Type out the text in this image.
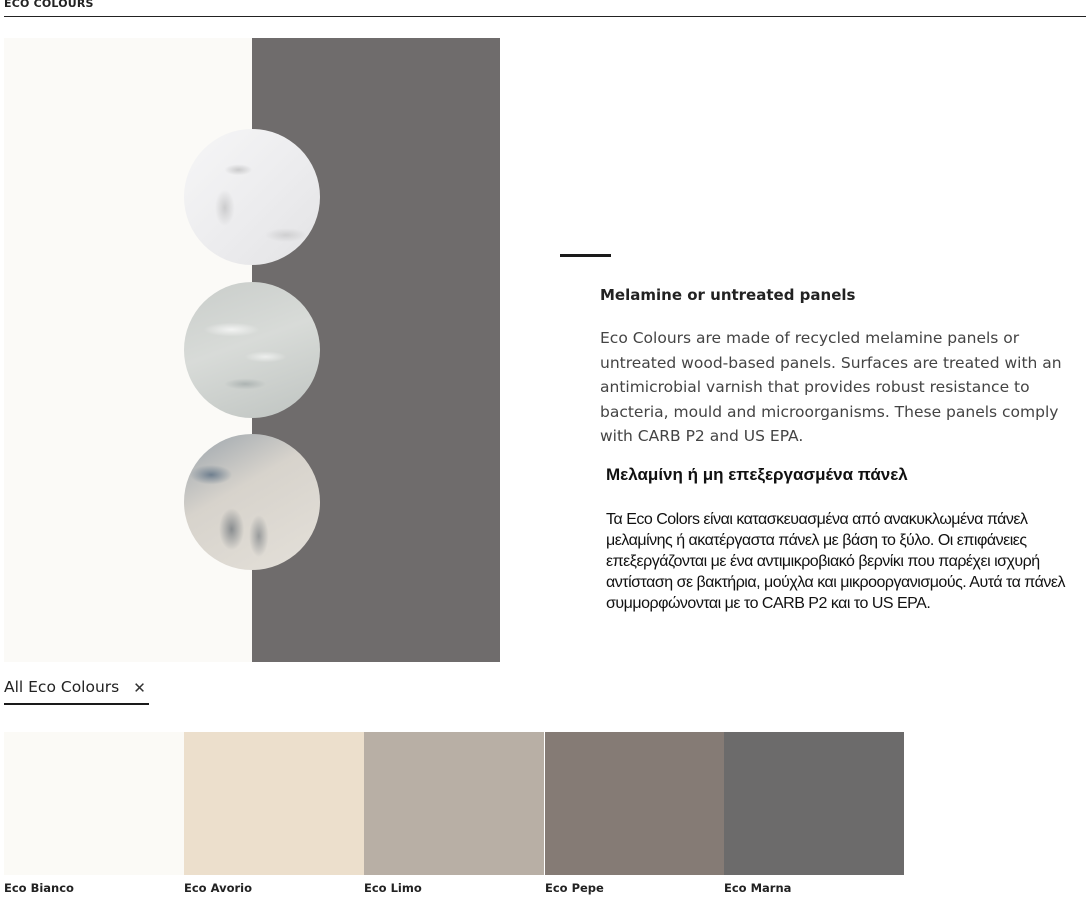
ECO COLOURS
Melamine or untreated panels

Eco Colours are made of recycled melamine panels or untreated wood-based panels. Surfaces are treated with an antimicrobial varnish that provides robust resistance to bacteria, mould and microorganisms. These panels comply with CARB P2 and US EPA.

Μελαμίνη ή μη επεξεργασμένα πάνελ

Τα Eco Colors είναι κατασκευασμένα από ανακυκλωμένα πάνελ μελαμίνης ή ακατέργαστα πάνελ με βάση το ξύλο. Οι επιφάνειες επεξεργάζονται με ένα αντιμικροβιακό βερνίκι που παρέχει ισχυρή αντίσταση σε βακτήρια, μούχλα και μικροοργανισμούς. Αυτά τα πάνελ συμμορφώνονται με το CARB P2 και το US EPA.

All Eco Colours ✕
Eco Bianco	Eco Avorio	Eco Limo	Eco Pepe	Eco Marna
